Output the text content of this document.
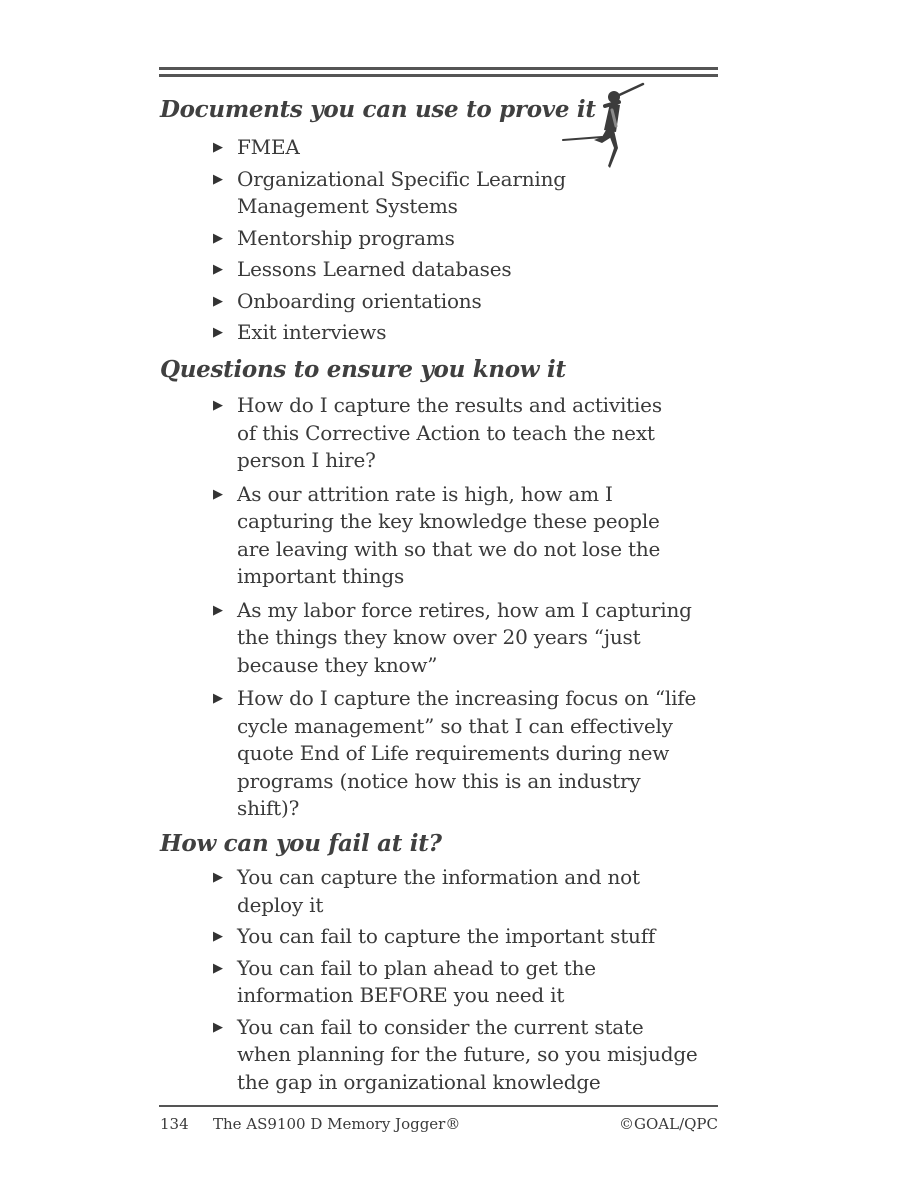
Documents you can use to prove it
▶ FMEA
▶ Organizational Specific Learning
Management Systems
▶ Mentorship programs
▶ Lessons Learned databases
▶ Onboarding orientations
▶ Exit interviews
Questions to ensure you know it
▶ How do I capture the results and activities
of this Corrective Action to teach the next
person I hire?
▶ As our attrition rate is high, how am I
capturing the key knowledge these people
are leaving with so that we do not lose the
important things
▶ As my labor force retires, how am I capturing
the things they know over 20 years “just
because they know”
▶ How do I capture the increasing focus on “life
cycle management” so that I can effectively
quote End of Life requirements during new
programs (notice how this is an industry
shift)?
How can you fail at it?
▶ You can capture the information and not
deploy it
▶ You can fail to capture the important stuff
▶ You can fail to plan ahead to get the
information BEFORE you need it
▶ You can fail to consider the current state
when planning for the future, so you misjudge
the gap in organizational knowledge
134 The AS9100 D Memory Jogger®	©GOAL/QPC
